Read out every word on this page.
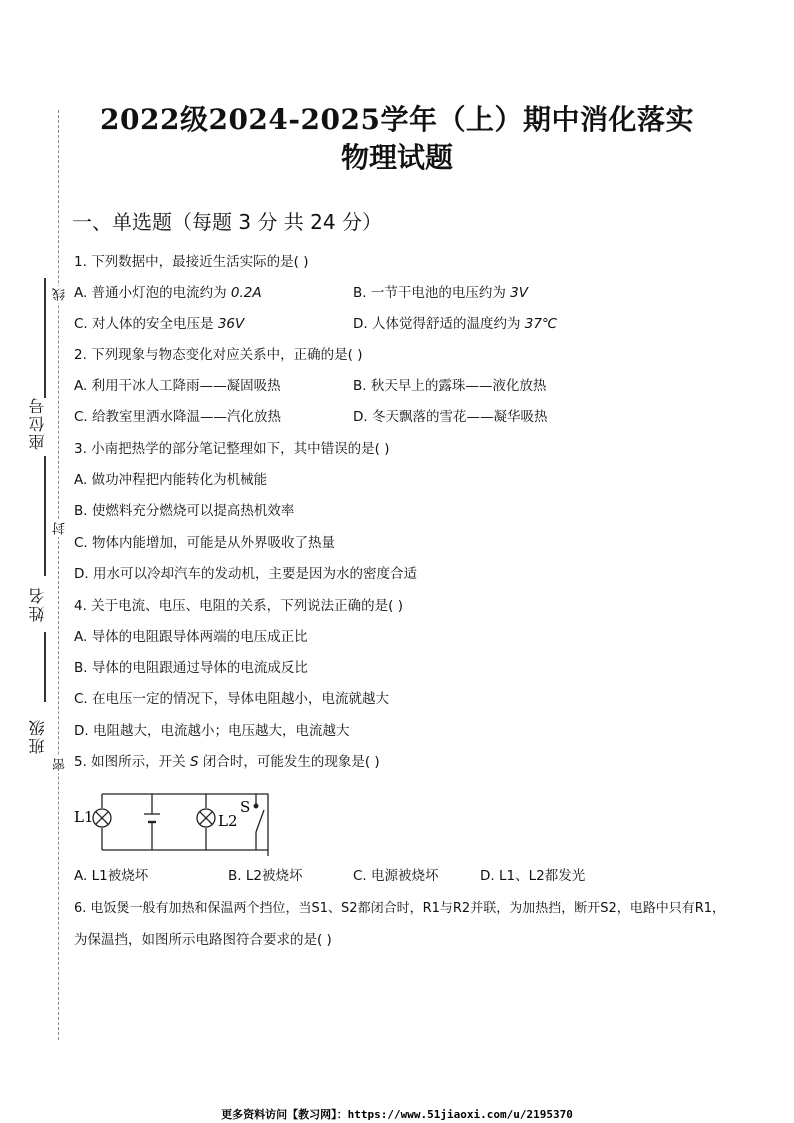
座位号
姓名
班级
线
封
密
2022级2024-2025学年（上）期中消化落实
物理试题
一、单选题（每题 3 分 共 24 分）
1. 下列数据中，最接近生活实际的是( )
A. 普通小灯泡的电流约为 0.2A	B. 一节干电池的电压约为 3V
C. 对人体的安全电压是 36V	D. 人体觉得舒适的温度约为 37℃
2. 下列现象与物态变化对应关系中，正确的是( )
A. 利用干冰人工降雨——凝固吸热	B. 秋天早上的露珠——液化放热
C. 给教室里洒水降温——汽化放热	D. 冬天飘落的雪花——凝华吸热
3. 小南把热学的部分笔记整理如下，其中错误的是( )
A. 做功冲程把内能转化为机械能
B. 使燃料充分燃烧可以提高热机效率
C. 物体内能增加，可能是从外界吸收了热量
D. 用水可以冷却汽车的发动机，主要是因为水的密度合适
4. 关于电流、电压、电阻的关系，下列说法正确的是( )
A. 导体的电阻跟导体两端的电压成正比
B. 导体的电阻跟通过导体的电流成反比
C. 在电压一定的情况下，导体电阻越小，电流就越大
D. 电阻越大，电流越小；电压越大，电流越大
5. 如图所示，开关 S 闭合时，可能发生的现象是( )
L1	L2
S
A. L1被烧坏	B. L2被烧坏	C. 电源被烧坏	D. L1、L2都发光
6. 电饭煲一般有加热和保温两个挡位，当S1、S2都闭合时，R1与R2并联，为加热挡，断开S2，电路中只有R1，
为保温挡，如图所示电路图符合要求的是( )
更多资料访问【教习网】：https://www.51jiaoxi.com/u/2195370
